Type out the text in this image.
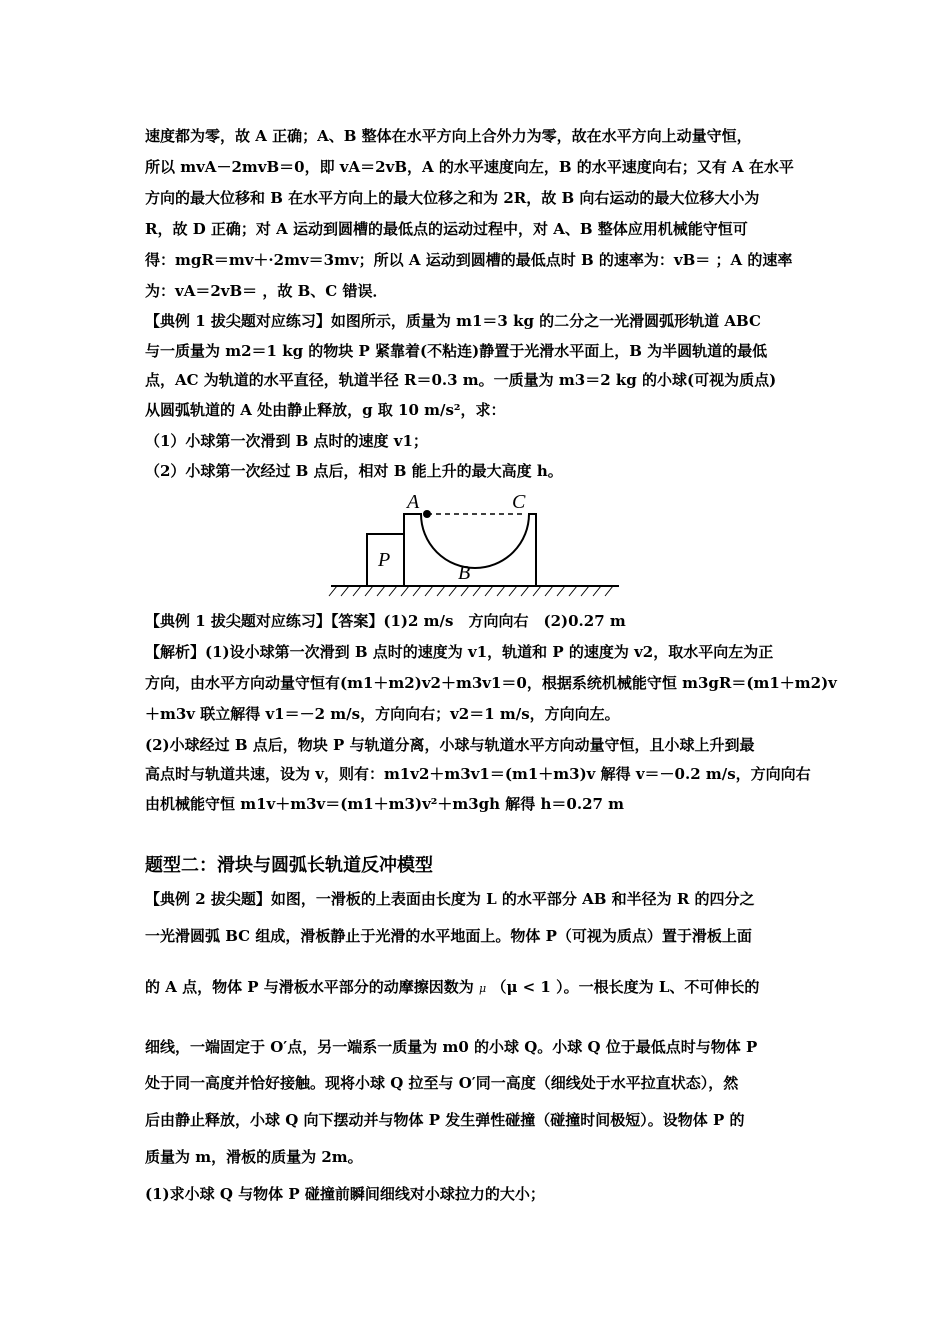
速度都为零，故 A 正确；A、B 整体在水平方向上合外力为零，故在水平方向上动量守恒，
所以 mvA－2mvB＝0，即 vA＝2vB，A 的水平速度向左，B 的水平速度向右；又有 A 在水平
方向的最大位移和 B 在水平方向上的最大位移之和为 2R，故 B 向右运动的最大位移大小为
R，故 D 正确；对 A 运动到圆槽的最低点的运动过程中，对 A、B 整体应用机械能守恒可
得：mgR＝mv＋·2mv＝3mv；所以 A 运动到圆槽的最低点时 B 的速率为：vB＝ ；A 的速率
为：vA＝2vB＝ ，故 B、C 错误．
【典例 1 拔尖题对应练习】如图所示，质量为 m1＝3 kg 的二分之一光滑圆弧形轨道 ABC
与一质量为 m2＝1 kg 的物块 P 紧靠着(不粘连)静置于光滑水平面上，B 为半圆轨道的最低
点，AC 为轨道的水平直径，轨道半径 R＝0.3 m。一质量为 m3＝2 kg 的小球(可视为质点)
从圆弧轨道的 A 处由静止释放，g 取 10 m/s²，求：
（1）小球第一次滑到 B 点时的速度 v1；
（2）小球第一次经过 B 点后，相对 B 能上升的最大高度 h。
A	C
B
P
【典例 1 拔尖题对应练习】【答案】(1)2 m/s　方向向右　(2)0.27 m
【解析】(1)设小球第一次滑到 B 点时的速度为 v1，轨道和 P 的速度为 v2，取水平向左为正
方向，由水平方向动量守恒有(m1＋m2)v2＋m3v1＝0，根据系统机械能守恒 m3gR＝(m1＋m2)v
＋m3v 联立解得 v1＝－2 m/s，方向向右；v2＝1 m/s，方向向左。
(2)小球经过 B 点后，物块 P 与轨道分离，小球与轨道水平方向动量守恒，且小球上升到最
高点时与轨道共速，设为 v，则有：m1v2＋m3v1＝(m1＋m3)v 解得 v＝－0.2 m/s，方向向右
由机械能守恒 m1v＋m3v＝(m1＋m3)v²＋m3gh 解得 h＝0.27 m
题型二：滑块与圆弧长轨道反冲模型
【典例 2 拔尖题】如图，一滑板的上表面由长度为 L 的水平部分 AB 和半径为 R 的四分之
一光滑圆弧 BC 组成，滑板静止于光滑的水平地面上。物体 P（可视为质点）置于滑板上面
的 A 点，物体 P 与滑板水平部分的动摩擦因数为 μ （μ < 1 ）。一根长度为 L、不可伸长的
细线，一端固定于 O′点，另一端系一质量为 m0 的小球 Q。小球 Q 位于最低点时与物体 P
处于同一高度并恰好接触。现将小球 Q 拉至与 O′同一高度（细线处于水平拉直状态），然
后由静止释放，小球 Q 向下摆动并与物体 P 发生弹性碰撞（碰撞时间极短）。设物体 P 的
质量为 m，滑板的质量为 2m。
(1)求小球 Q 与物体 P 碰撞前瞬间细线对小球拉力的大小；
